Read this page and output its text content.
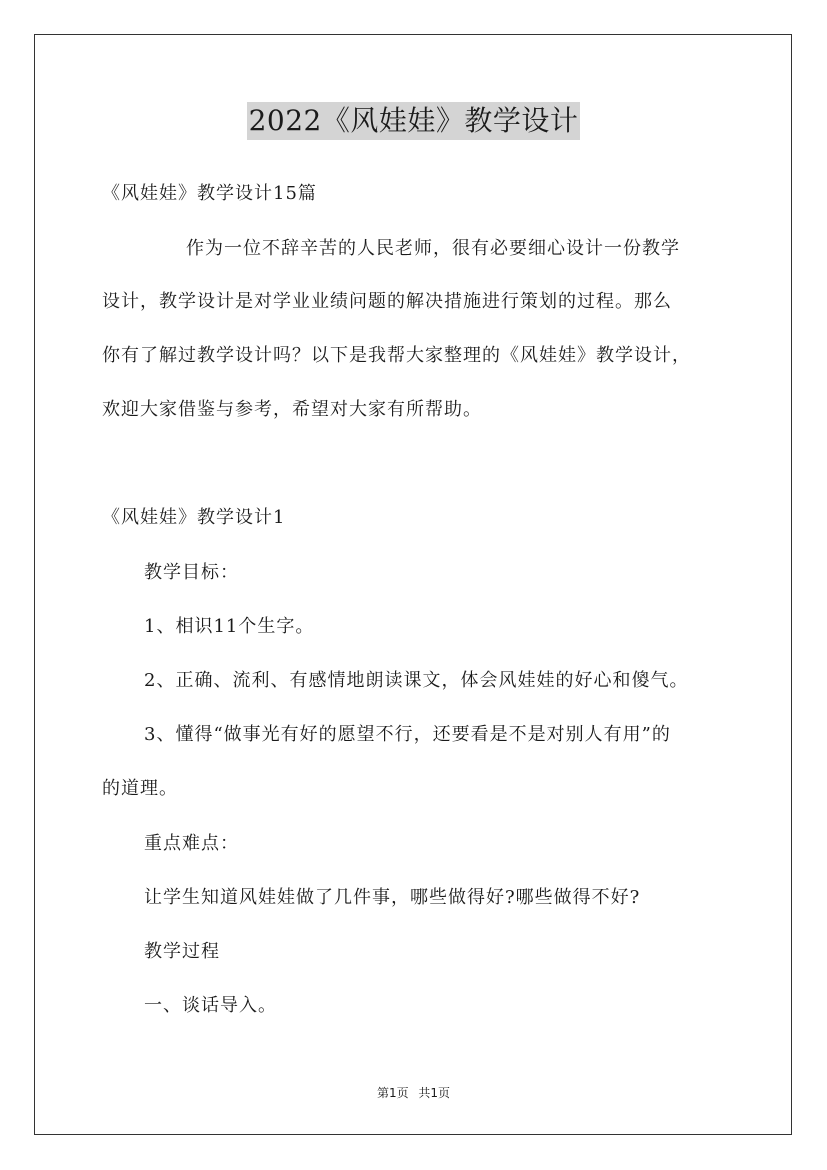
2022《风娃娃》教学设计
《风娃娃》教学设计15篇
作为一位不辞辛苦的人民老师，很有必要细心设计一份教学
设计，教学设计是对学业业绩问题的解决措施进行策划的过程。那么
你有了解过教学设计吗？以下是我帮大家整理的《风娃娃》教学设计，
欢迎大家借鉴与参考，希望对大家有所帮助。
《风娃娃》教学设计1
教学目标：
1、相识11个生字。
2、正确、流利、有感情地朗读课文，体会风娃娃的好心和傻气。
3、懂得“做事光有好的愿望不行，还要看是不是对别人有用”的
的道理。
重点难点：
让学生知道风娃娃做了几件事，哪些做得好?哪些做得不好?
教学过程
一、谈话导入。
第1页 共1页
